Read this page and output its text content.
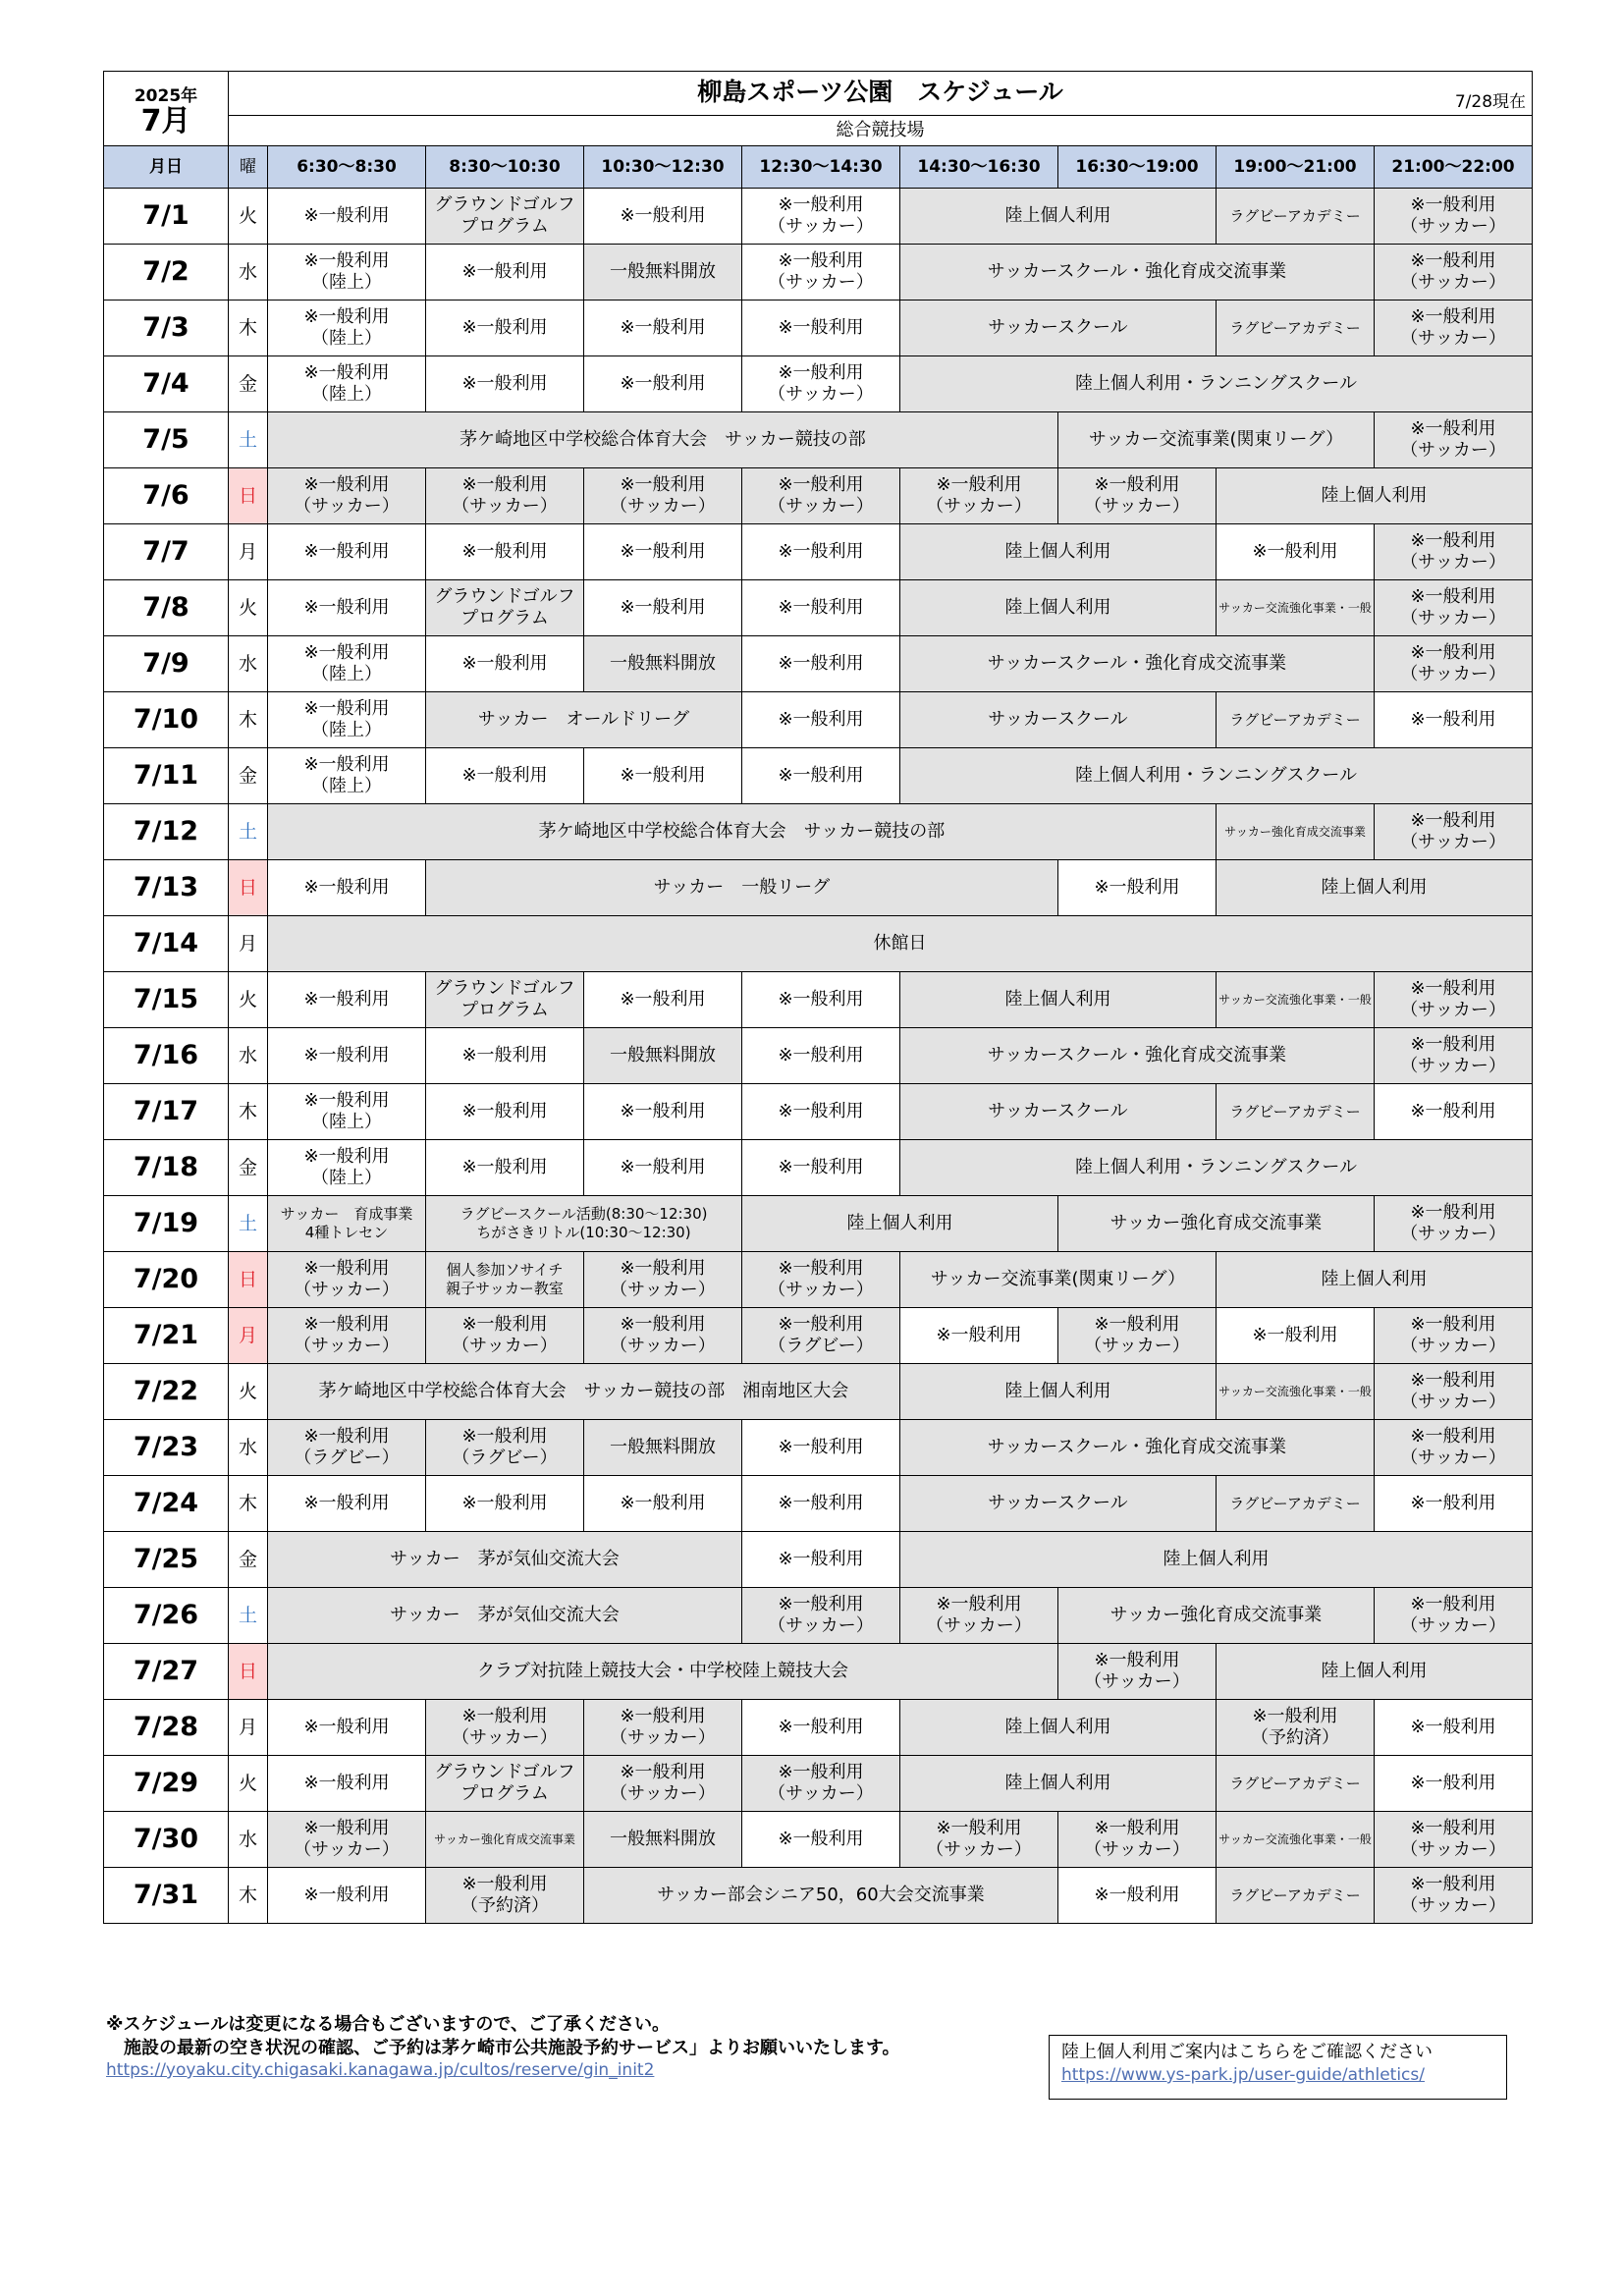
2025年
7月	柳島スポーツ公園　スケジュール 7/28現在								

	総合競技場								
月日	曜	6:30～8:30	8:30～10:30	10:30～12:30	12:30～14:30	14:30～16:30	16:30～19:00	19:00～21:00	21:00～22:00
7/1	火	※一般利用	グラウンドゴルフ
プログラム	※一般利用	※一般利用
（サッカー）	陸上個人利用		ラグビーアカデミー	※一般利用
（サッカー）
7/2	水	※一般利用
（陸上）	※一般利用	一般無料開放	※一般利用
（サッカー）	サッカースクール・強化育成交流事業			※一般利用
（サッカー）
7/3	木	※一般利用
（陸上）	※一般利用	※一般利用	※一般利用	サッカースクール		ラグビーアカデミー	※一般利用
（サッカー）
7/4	金	※一般利用
（陸上）	※一般利用	※一般利用	※一般利用
（サッカー）	陸上個人利用・ランニングスクール			
7/5	土	茅ケ崎地区中学校総合体育大会　サッカー競技の部					サッカー交流事業(関東リーグ）		※一般利用
（サッカー）
7/6	日	※一般利用
（サッカー）	※一般利用
（サッカー）	※一般利用
（サッカー）	※一般利用
（サッカー）	※一般利用
（サッカー）	※一般利用
（サッカー）	陸上個人利用	
7/7	月	※一般利用	※一般利用	※一般利用	※一般利用	陸上個人利用		※一般利用	※一般利用
（サッカー）
7/8	火	※一般利用	グラウンドゴルフ
プログラム	※一般利用	※一般利用	陸上個人利用		サッカー交流強化事業・一般	※一般利用
（サッカー）
7/9	水	※一般利用
（陸上）	※一般利用	一般無料開放	※一般利用	サッカースクール・強化育成交流事業			※一般利用
（サッカー）
7/10	木	※一般利用
（陸上）	サッカー　オールドリーグ		※一般利用	サッカースクール		ラグビーアカデミー	※一般利用
7/11	金	※一般利用
（陸上）	※一般利用	※一般利用	※一般利用	陸上個人利用・ランニングスクール			
7/12	土	茅ケ崎地区中学校総合体育大会　サッカー競技の部						サッカー強化育成交流事業	※一般利用
（サッカー）
7/13	日	※一般利用	サッカー　一般リーグ				※一般利用	陸上個人利用	
7/14	月	休館日							
7/15	火	※一般利用	グラウンドゴルフ
プログラム	※一般利用	※一般利用	陸上個人利用		サッカー交流強化事業・一般	※一般利用
（サッカー）
7/16	水	※一般利用	※一般利用	一般無料開放	※一般利用	サッカースクール・強化育成交流事業			※一般利用
（サッカー）
7/17	木	※一般利用
（陸上）	※一般利用	※一般利用	※一般利用	サッカースクール		ラグビーアカデミー	※一般利用
7/18	金	※一般利用
（陸上）	※一般利用	※一般利用	※一般利用	陸上個人利用・ランニングスクール			
7/19	土	サッカー　育成事業
4種トレセン	ラグビースクール活動(8:30～12:30)
ちがさきリトル(10:30～12:30)		陸上個人利用		サッカー強化育成交流事業		※一般利用
（サッカー）
7/20	日	※一般利用
（サッカー）	個人参加ソサイチ
親子サッカー教室	※一般利用
（サッカー）	※一般利用
（サッカー）	サッカー交流事業(関東リーグ）		陸上個人利用	
7/21	月	※一般利用
（サッカー）	※一般利用
（サッカー）	※一般利用
（サッカー）	※一般利用
（ラグビー）	※一般利用	※一般利用
（サッカー）	※一般利用	※一般利用
（サッカー）
7/22	火	茅ケ崎地区中学校総合体育大会　サッカー競技の部　湘南地区大会				陸上個人利用		サッカー交流強化事業・一般	※一般利用
（サッカー）
7/23	水	※一般利用
（ラグビー）	※一般利用
（ラグビー）	一般無料開放	※一般利用	サッカースクール・強化育成交流事業			※一般利用
（サッカー）
7/24	木	※一般利用	※一般利用	※一般利用	※一般利用	サッカースクール		ラグビーアカデミー	※一般利用
7/25	金	サッカー　茅が気仙交流大会			※一般利用	陸上個人利用			
7/26	土	サッカー　茅が気仙交流大会			※一般利用
（サッカー）	※一般利用
（サッカー）	サッカー強化育成交流事業		※一般利用
（サッカー）
7/27	日	クラブ対抗陸上競技大会・中学校陸上競技大会					※一般利用
（サッカー）	陸上個人利用	
7/28	月	※一般利用	※一般利用
（サッカー）	※一般利用
（サッカー）	※一般利用	陸上個人利用		※一般利用
（予約済）	※一般利用
7/29	火	※一般利用	グラウンドゴルフ
プログラム	※一般利用
（サッカー）	※一般利用
（サッカー）	陸上個人利用		ラグビーアカデミー	※一般利用
7/30	水	※一般利用
（サッカー）	サッカー強化育成交流事業	一般無料開放	※一般利用	※一般利用
（サッカー）	※一般利用
（サッカー）	サッカー交流強化事業・一般	※一般利用
（サッカー）
7/31	木	※一般利用	※一般利用
（予約済）	サッカー部会シニア50，60大会交流事業			※一般利用	ラグビーアカデミー	※一般利用
（サッカー）
※スケジュールは変更になる場合もございますので、ご了承ください。
　施設の最新の空き状況の確認、ご予約は茅ケ崎市公共施設予約サービス」よりお願いいたします。
https://yoyaku.city.chigasaki.kanagawa.jp/cultos/reserve/gin_init2
陸上個人利用ご案内はこちらをご確認ください
https://www.ys-park.jp/user-guide/athletics/
